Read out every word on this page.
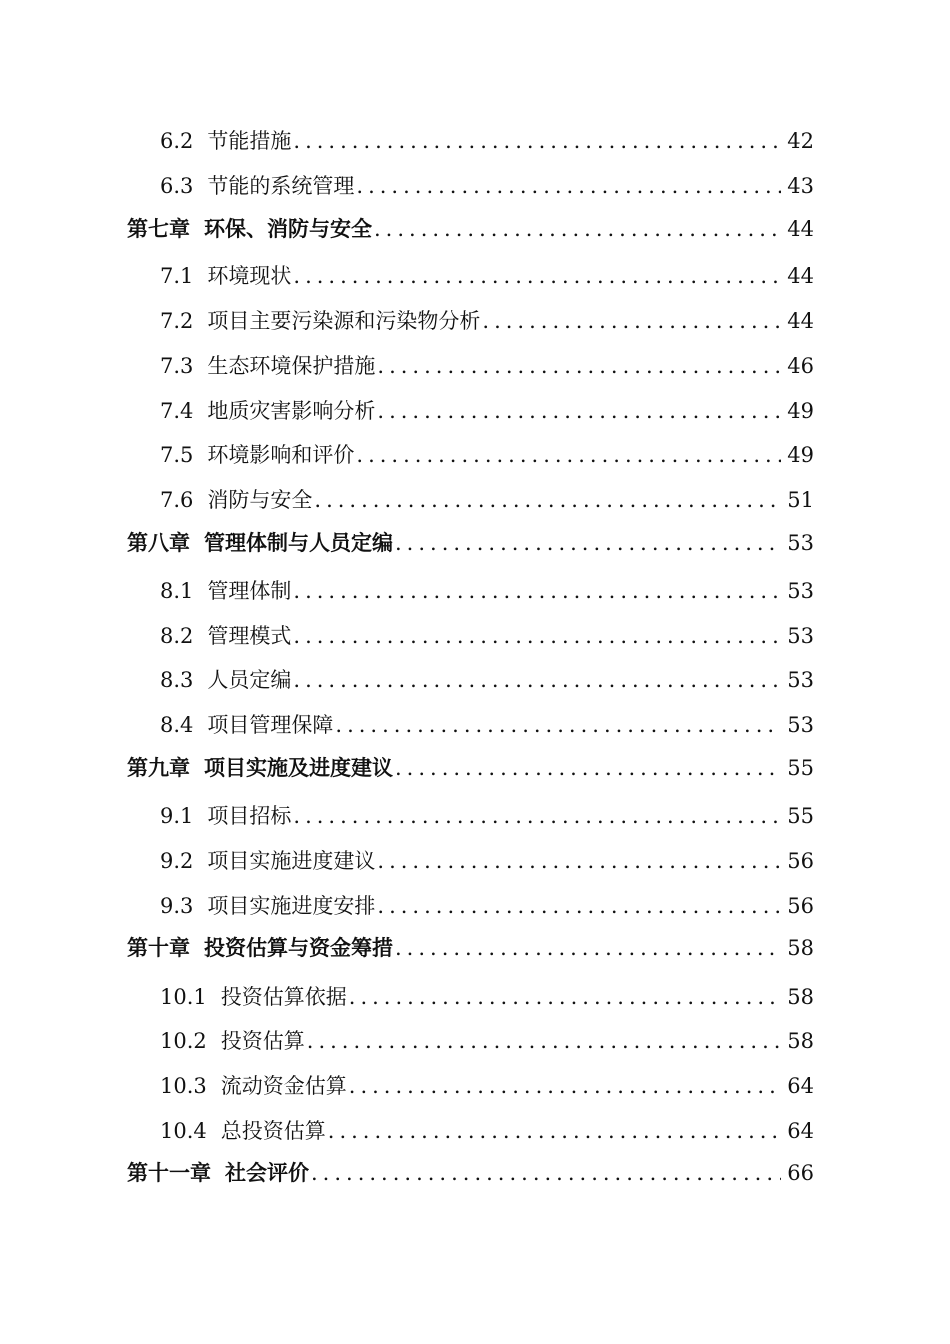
6.2 节能措施 .....	42
6.3 节能的系统管理 .....	43
第七章 环保、消防与安全 .....	44
7.1 环境现状 .....	44
7.2 项目主要污染源和污染物分析 .....	44
7.3 生态环境保护措施 .....	46
7.4 地质灾害影响分析 .....	49
7.5 环境影响和评价 .....	49
7.6 消防与安全 .....	51
第八章 管理体制与人员定编 .....	53
8.1 管理体制 .....	53
8.2 管理模式 .....	53
8.3 人员定编 .....	53
8.4 项目管理保障 .....	53
第九章 项目实施及进度建议 .....	55
9.1 项目招标 .....	55
9.2 项目实施进度建议 .....	56
9.3 项目实施进度安排 .....	56
第十章 投资估算与资金筹措 .....	58
10.1 投资估算依据 .....	58
10.2 投资估算 .....	58
10.3 流动资金估算 .....	64
10.4 总投资估算 .....	64
第十一章 社会评价 .....	66
